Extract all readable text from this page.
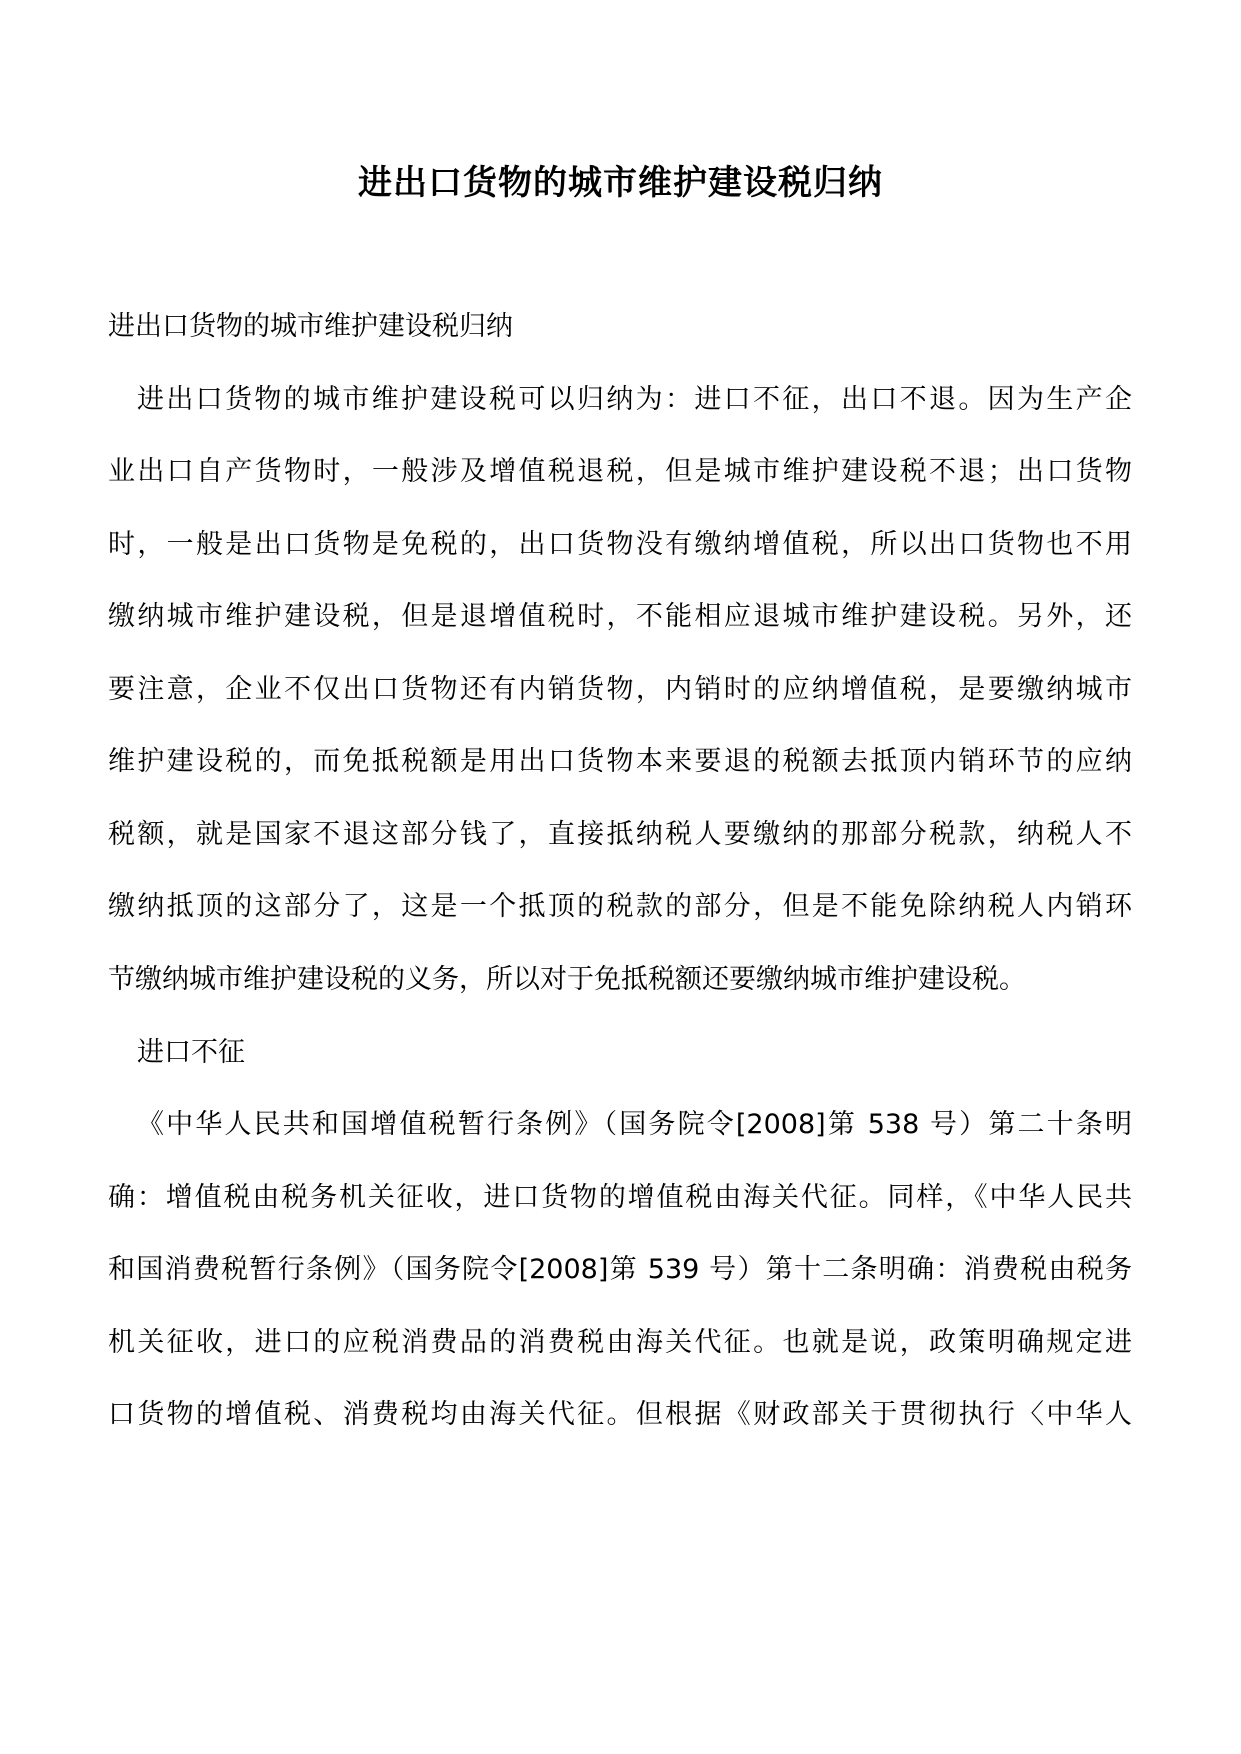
进出口货物的城市维护建设税归纳

进出口货物的城市维护建设税归纳

进出口货物的城市维护建设税可以归纳为：进口不征，出口不退。因为生产企

业出口自产货物时，一般涉及增值税退税，但是城市维护建设税不退；出口货物

时，一般是出口货物是免税的，出口货物没有缴纳增值税，所以出口货物也不用

缴纳城市维护建设税，但是退增值税时，不能相应退城市维护建设税。另外，还

要注意，企业不仅出口货物还有内销货物，内销时的应纳增值税，是要缴纳城市

维护建设税的，而免抵税额是用出口货物本来要退的税额去抵顶内销环节的应纳

税额，就是国家不退这部分钱了，直接抵纳税人要缴纳的那部分税款，纳税人不

缴纳抵顶的这部分了，这是一个抵顶的税款的部分，但是不能免除纳税人内销环

节缴纳城市维护建设税的义务，所以对于免抵税额还要缴纳城市维护建设税。

进口不征

《中华人民共和国增值税暂行条例》（国务院令[2008]第 538 号）第二十条明

确：增值税由税务机关征收，进口货物的增值税由海关代征。同样，《中华人民共

和国消费税暂行条例》（国务院令[2008]第 539 号）第十二条明确：消费税由税务

机关征收，进口的应税消费品的消费税由海关代征。也就是说，政策明确规定进

口货物的增值税、消费税均由海关代征。但根据《财政部关于贯彻执行〈中华人
